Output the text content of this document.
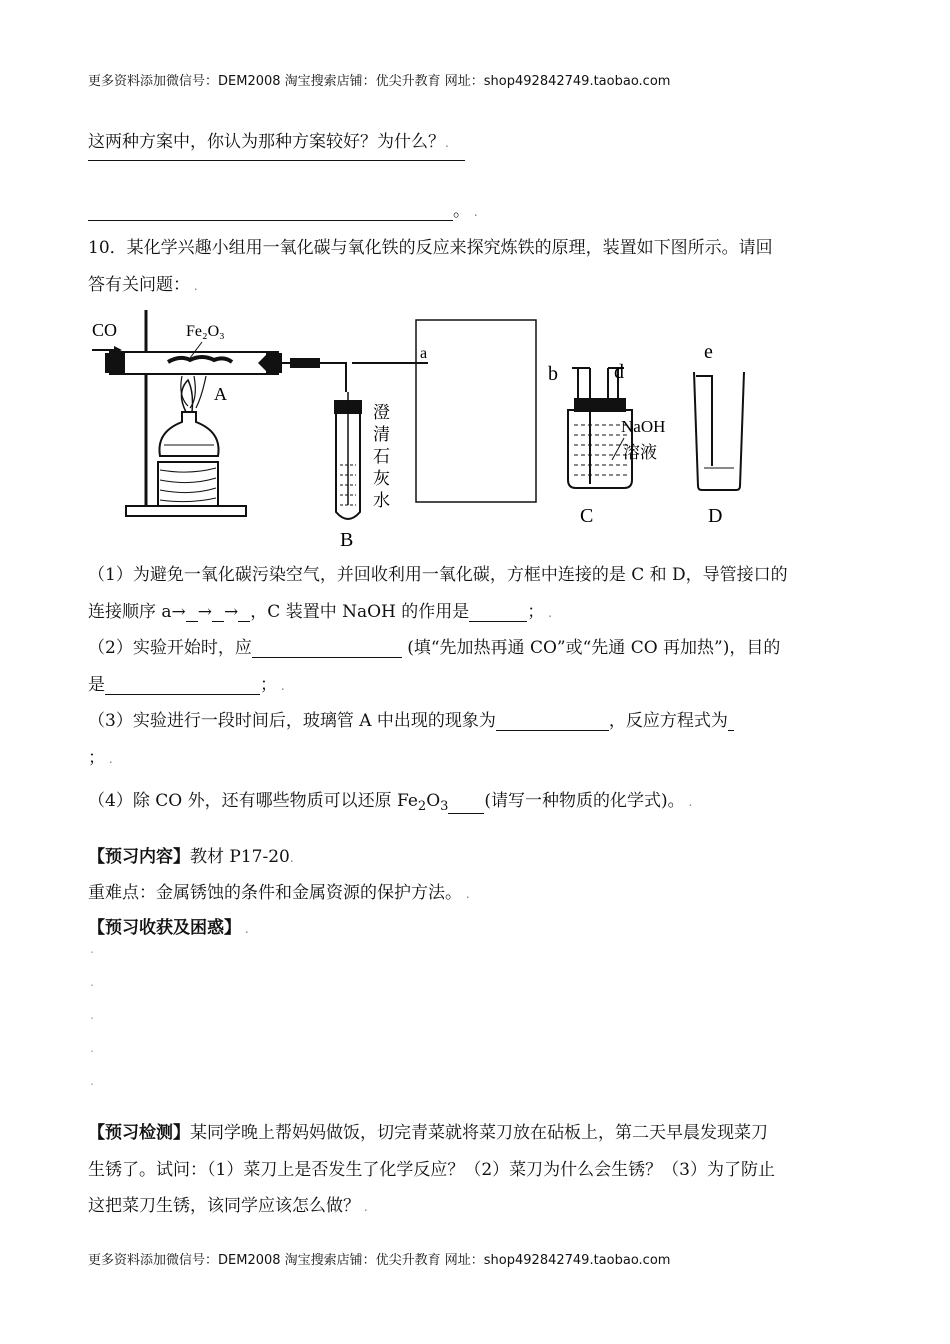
更多资料添加微信号：DEM2008 淘宝搜索店铺：优尖升教育 网址：shop492842749.taobao.com
这两种方案中，你认为那种方案较好？为什么？.
。 .
10．某化学兴趣小组用一氧化碳与氧化铁的反应来探究炼铁的原理，装置如下图所示。请回
答有关问题： .
CO	Fe₂O₃
A
澄
清
石
灰
水
B
a
b	d
NaOH
溶液
C
e
D
（1）为避免一氧化碳污染空气，并回收利用一氧化碳，方框中连接的是 C 和 D，导管接口的
连接顺序 a→ → → ，C 装置中 NaOH 的作用是	； .
（2）实验开始时，应	(填“先加热再通 CO”或“先通 CO 再加热”)，目的
是	； .
（3）实验进行一段时间后，玻璃管 A 中出现的现象为	，反应方程式为
； .
（4）除 CO 外，还有哪些物质可以还原 $Fe_2O_3$ (请写一种物质的化学式)。 .
【预习内容】教材 P17-20.
重难点：金属锈蚀的条件和金属资源的保护方法。 .
【预习收获及困惑】 .
.
.
.
.
.
【预习检测】某同学晚上帮妈妈做饭，切完青菜就将菜刀放在砧板上，第二天早晨发现菜刀
生锈了。试问：（1）菜刀上是否发生了化学反应？（2）菜刀为什么会生锈？（3）为了防止
这把菜刀生锈，该同学应该怎么做？ .
更多资料添加微信号：DEM2008 淘宝搜索店铺：优尖升教育 网址：shop492842749.taobao.com
